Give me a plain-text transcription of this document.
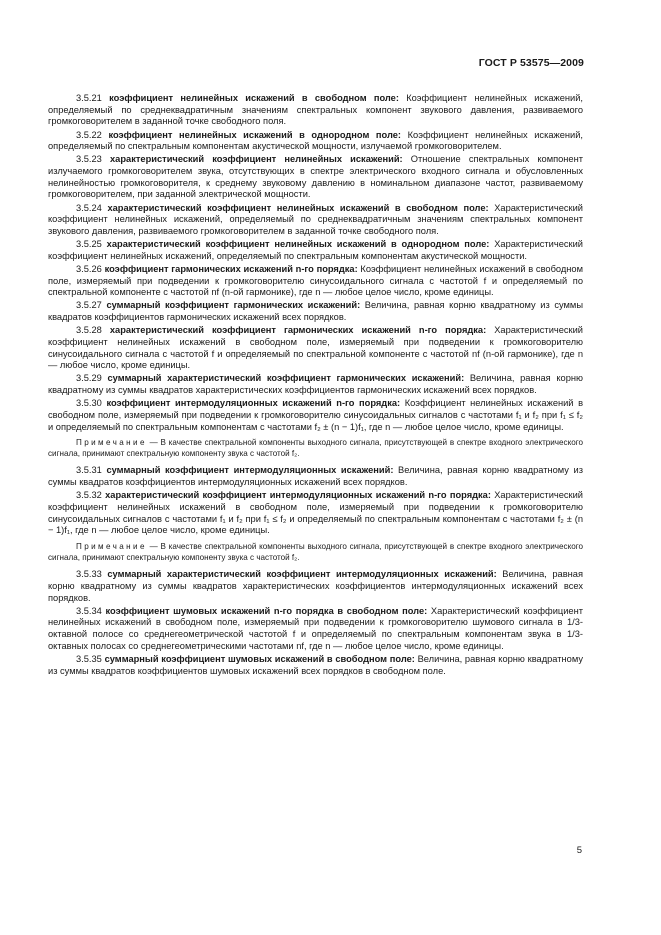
ГОСТ Р 53575—2009

3.5.21 коэффициент нелинейных искажений в свободном поле: Коэффициент нелинейных искажений, определяемый по среднеквадратичным значениям спектральных компонент звукового давления, развиваемого громкоговорителем в заданной точке свободного поля.

3.5.22 коэффициент нелинейных искажений в однородном поле: Коэффициент нелинейных искажений, определяемый по спектральным компонентам акустической мощности, излучаемой громкоговорителем.

3.5.23 характеристический коэффициент нелинейных искажений: Отношение спектральных компонент излучаемого громкоговорителем звука, отсутствующих в спектре электрического входного сигнала и обусловленных нелинейностью громкоговорителя, к среднему звуковому давлению в номинальном диапазоне частот, развиваемому громкоговорителем, при заданной электрической мощности.

3.5.24 характеристический коэффициент нелинейных искажений в свободном поле: Характеристический коэффициент нелинейных искажений, определяемый по среднеквадратичным значениям спектральных компонент звукового давления, развиваемого громкоговорителем в заданной точке свободного поля.

3.5.25 характеристический коэффициент нелинейных искажений в однородном поле: Характеристический коэффициент нелинейных искажений, определяемый по спектральным компонентам акустической мощности.

3.5.26 коэффициент гармонических искажений n-го порядка: Коэффициент нелинейных искажений в свободном поле, измеряемый при подведении к громкоговорителю синусоидального сигнала с частотой f и определяемый по спектральной компоненте с частотой nf (n-ой гармонике), где n — любое целое число, кроме единицы.

3.5.27 суммарный коэффициент гармонических искажений: Величина, равная корню квадратному из суммы квадратов коэффициентов гармонических искажений всех порядков.

3.5.28 характеристический коэффициент гармонических искажений n-го порядка: Характеристический коэффициент нелинейных искажений в свободном поле, измеряемый при подведении к громкоговорителю синусоидального сигнала с частотой f и определяемый по спектральной компоненте с частотой nf (n-ой гармонике), где n — любое число, кроме единицы.

3.5.29 суммарный характеристический коэффициент гармонических искажений: Величина, равная корню квадратному из суммы квадратов характеристических коэффициентов гармонических искажений всех порядков.

3.5.30 коэффициент интермодуляционных искажений n-го порядка: Коэффициент нелинейных искажений в свободном поле, измеряемый при подведении к громкоговорителю синусоидальных сигналов с частотами f₁ и f₂ при f₁ ≤ f₂ и определяемый по спектральным компонентам с частотами f₂ ± (n − 1)f₁, где n — любое целое число, кроме единицы.

Примечание — В качестве спектральной компоненты выходного сигнала, присутствующей в спектре входного электрического сигнала, принимают спектральную компоненту звука с частотой f₂.

3.5.31 суммарный коэффициент интермодуляционных искажений: Величина, равная корню квадратному из суммы квадратов коэффициентов интермодуляционных искажений всех порядков.

3.5.32 характеристический коэффициент интермодуляционных искажений n-го порядка: Характеристический коэффициент нелинейных искажений в свободном поле, измеряемый при подведении к громкоговорителю синусоидальных сигналов с частотами f₁ и f₂ при f₁ ≤ f₂ и определяемый по спектральным компонентам с частотами f₂ ± (n − 1)f₁, где n — любое целое число, кроме единицы.

Примечание — В качестве спектральной компоненты выходного сигнала, присутствующей в спектре входного электрического сигнала, принимают спектральную компоненту звука с частотой f₂.

3.5.33 суммарный характеристический коэффициент интермодуляционных искажений: Величина, равная корню квадратному из суммы квадратов характеристических коэффициентов интермодуляционных искажений всех порядков.

3.5.34 коэффициент шумовых искажений n-го порядка в свободном поле: Характеристический коэффициент нелинейных искажений в свободном поле, измеряемый при подведении к громкоговорителю шумового сигнала в 1/3-октавной полосе со среднегеометрической частотой f и определяемый по спектральным компонентам звука в 1/3-октавных полосах со среднегеометрическими частотами nf, где n — любое целое число, кроме единицы.

3.5.35 суммарный коэффициент шумовых искажений в свободном поле: Величина, равная корню квадратному из суммы квадратов коэффициентов шумовых искажений всех порядков в свободном поле.

5
